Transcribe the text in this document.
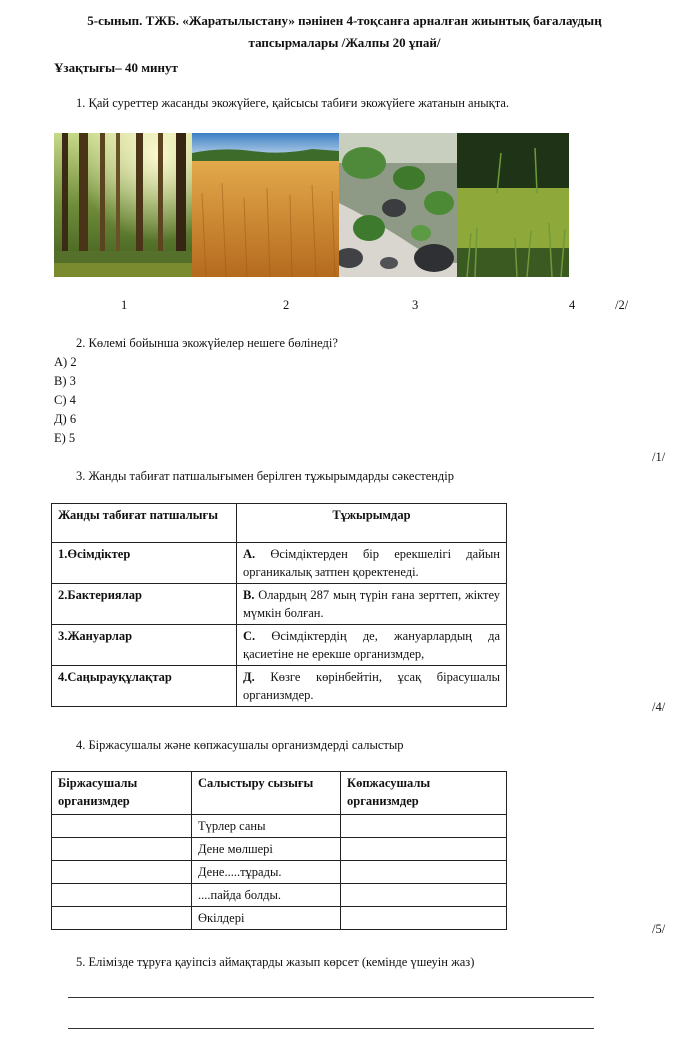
5-сынып. ТЖБ. «Жаратылыстану» пәнінен 4-тоқсанға арналған жиынтық бағалаудың
тапсырмалары /Жалпы 20 ұпай/
Ұзақтығы– 40 минут
1. Қай суреттер жасанды экожүйеге, қайсысы табиғи экожүйеге жатанын анықта.
1	2	3	4	/2/
2. Көлемі бойынша экожүйелер нешеге бөлінеді?
А) 2
В) 3
С) 4
Д) 6
Е) 5
/1/
3. Жанды табиғат патшалығымен берілген тұжырымдарды сәкестендір
Жанды табиғат патшалығы	Тұжырымдар
1.Өсімдіктер	А. Өсімдіктерден бір ерекшелігі дайын органикалық затпен қоректенеді.
2.Бактериялар	В. Олардың 287 мың түрін ғана зерттеп, жіктеу мүмкін болған.
3.Жануарлар	С. Өсімдіктердің де, жануарлардың да қасиетіне не ерекше организмдер,
4.Саңырауқұлақтар	Д. Көзге көрінбейтін, ұсақ бірасушалы организмдер.
/4/
4. Біржасушалы және көпжасушалы организмдерді салыстыр
Біржасушалы организмдер	Салыстыру сызығы	Көпжасушалы организмдер
	Түрлер саны	
	Дене мөлшері	
	Дене.....тұрады.	
	....пайда болды.	
	Өкілдері	
/5/
5. Елімізде тұруға қауіпсіз аймақтарды жазып көрсет (кемінде үшеуін жаз)
